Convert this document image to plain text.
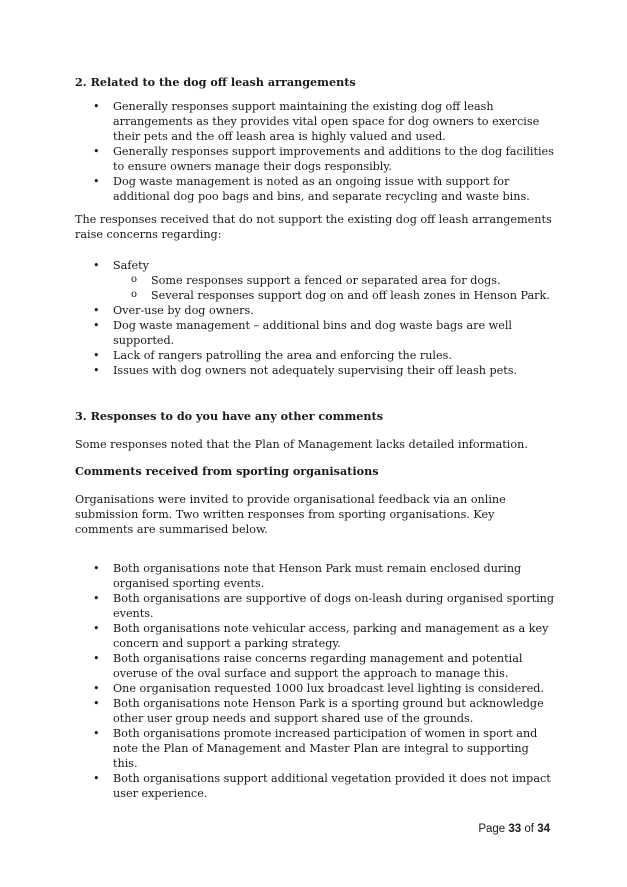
2. Related to the dog off leash arrangements
• Generally responses support maintaining the existing dog off leash arrangements as they provides vital open space for dog owners to exercise their pets and the off leash area is highly valued and used.
• Generally responses support improvements and additions to the dog facilities to ensure owners manage their dogs responsibly.
• Dog waste management is noted as an ongoing issue with support for additional dog poo bags and bins, and separate recycling and waste bins.

The responses received that do not support the existing dog off leash arrangements raise concerns regarding:

• Safety
o Some responses support a fenced or separated area for dogs.
o Several responses support dog on and off leash zones in Henson Park.
• Over-use by dog owners.
• Dog waste management – additional bins and dog waste bags are well supported.
• Lack of rangers patrolling the area and enforcing the rules.
• Issues with dog owners not adequately supervising their off leash pets.
3. Responses to do you have any other comments

Some responses noted that the Plan of Management lacks detailed information.

Comments received from sporting organisations

Organisations were invited to provide organisational feedback via an online submission form. Two written responses from sporting organisations. Key comments are summarised below.

• Both organisations note that Henson Park must remain enclosed during organised sporting events.
• Both organisations are supportive of dogs on-leash during organised sporting events.
• Both organisations note vehicular access, parking and management as a key concern and support a parking strategy.
• Both organisations raise concerns regarding management and potential overuse of the oval surface and support the approach to manage this.
• One organisation requested 1000 lux broadcast level lighting is considered.
• Both organisations note Henson Park is a sporting ground but acknowledge other user group needs and support shared use of the grounds.
• Both organisations promote increased participation of women in sport and note the Plan of Management and Master Plan are integral to supporting this.
• Both organisations support additional vegetation provided it does not impact user experience.
Page 33 of 34
